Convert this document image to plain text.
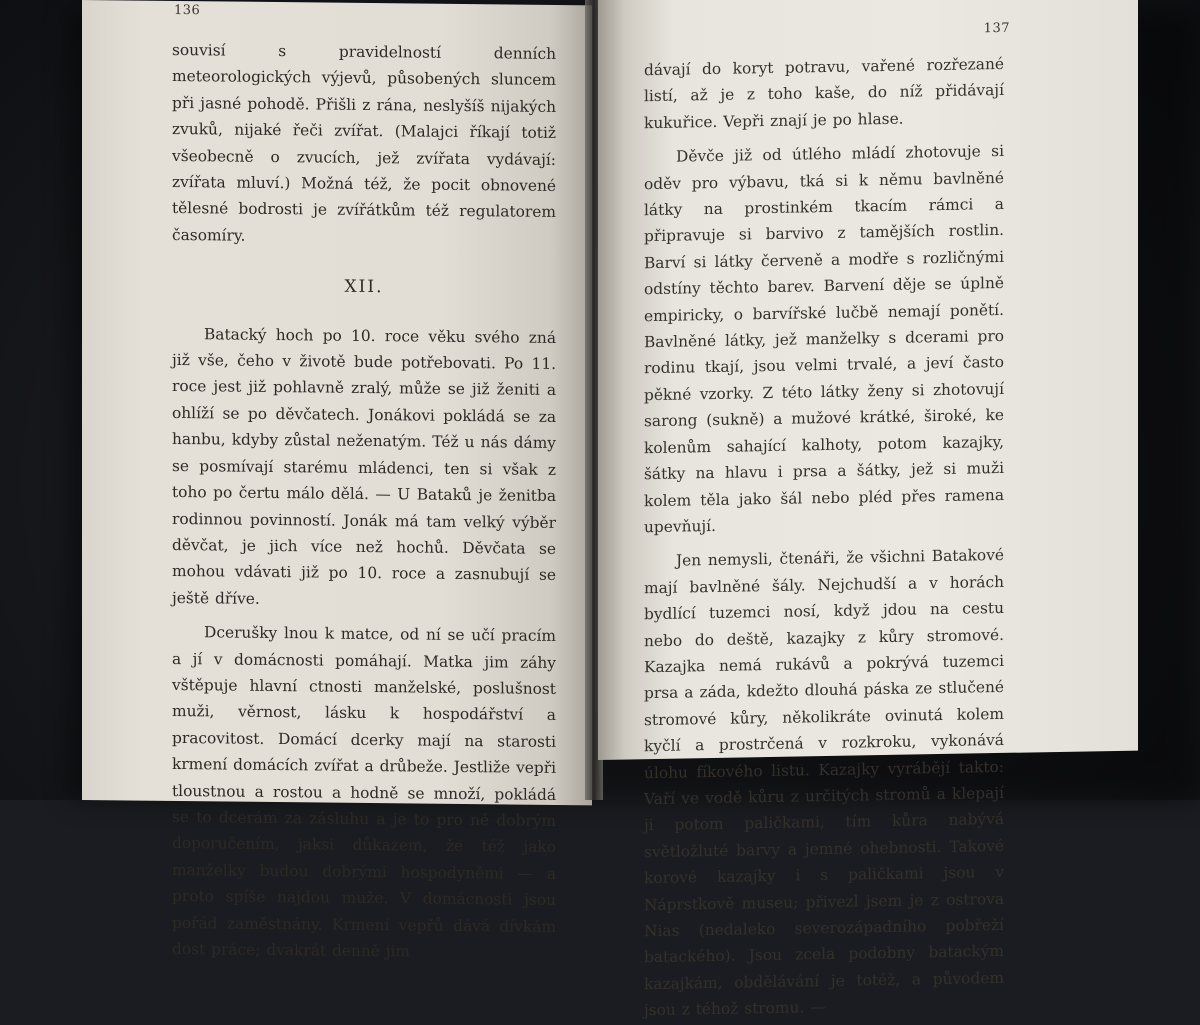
136

souvisí s pravidelností denních meteorologických výjevů, působených sluncem při jasné pohodě. Přišli z rána, neslyšíš nijakých zvuků, nijaké řeči zvířat. (Malajci říkají totiž všeobecně o zvucích, jež zvířata vydávají: zvířata mluví.) Možná též, že pocit obnovené tělesné bodrosti je zvířátkům též regulatorem časomíry.

XII.

Batacký hoch po 10. roce věku svého zná již vše, čeho v životě bude potřebovati. Po 11. roce jest již pohlavně zralý, může se již ženiti a ohlíží se po děvčatech. Jonákovi pokládá se za hanbu, kdyby zůstal neženatým. Též u nás dámy se posmívají starému mládenci, ten si však z toho po čertu málo dělá. — U Bataků je ženitba rodinnou povinností. Jonák má tam velký výběr děvčat, je jich více než hochů. Děvčata se mohou vdávati již po 10. roce a zasnubují se ještě dříve.

Dcerušky lnou k matce, od ní se učí pracím a jí v domácnosti pomáhají. Matka jim záhy vštěpuje hlavní ctnosti manželské, poslušnost muži, věrnost, lásku k hospodářství a pracovitost. Domácí dcerky mají na starosti krmení domácích zvířat a drůbeže. Jestliže vepři tloustnou a rostou a hodně se množí, pokládá se to dcerám za zásluhu a je to pro ně dobrým doporučením, jaksi důkazem, že též jako manželky budou dobrými hospodyněmi — a proto spíše najdou muže. V domácnosti jsou pořád zaměstnány. Krmení vepřů dává dívkám dost práce; dvakrát denně jim

137

dávají do koryt potravu, vařené rozřezané listí, až je z toho kaše, do níž přidávají kukuřice. Vepři znají je po hlase.

Děvče již od útlého mládí zhotovuje si oděv pro výbavu, tká si k němu bavlněné látky na prostinkém tkacím rámci a připravuje si barvivo z tamějších rostlin. Barví si látky červeně a modře s rozličnými odstíny těchto barev. Barvení děje se úplně empiricky, o barvířské lučbě nemají ponětí. Bavlněné látky, jež manželky s dcerami pro rodinu tkají, jsou velmi trvalé, a jeví často pěkné vzorky. Z této látky ženy si zhotovují sarong (sukně) a mužové krátké, široké, ke kolenům sahající kalhoty, potom kazajky, šátky na hlavu i prsa a šátky, jež si muži kolem těla jako šál nebo pléd přes ramena upevňují.

Jen nemysli, čtenáři, že všichni Batakové mají bavlněné šály. Nejchudší a v horách bydlící tuzemci nosí, když jdou na cestu nebo do deště, kazajky z kůry stromové. Kazajka nemá rukávů a pokrývá tuzemci prsa a záda, kdežto dlouhá páska ze stlučené stromové kůry, několikráte ovinutá kolem kyčlí a prostrčená v rozkroku, vykonává úlohu fíkového listu. Kazajky vyrábějí takto: Vaří ve vodě kůru z určitých stromů a klepají ji potom paličkami, tím kůra nabývá světložluté barvy a jemné ohebnosti. Takové korové kazajky i s paličkami jsou v Náprstkově museu; přivezl jsem je z ostrova Nias (nedaleko severozápadního pobřeží batackého). Jsou zcela podobny batackým kazajkám, obdělávání je totéž, a původem jsou z téhož stromu. —
